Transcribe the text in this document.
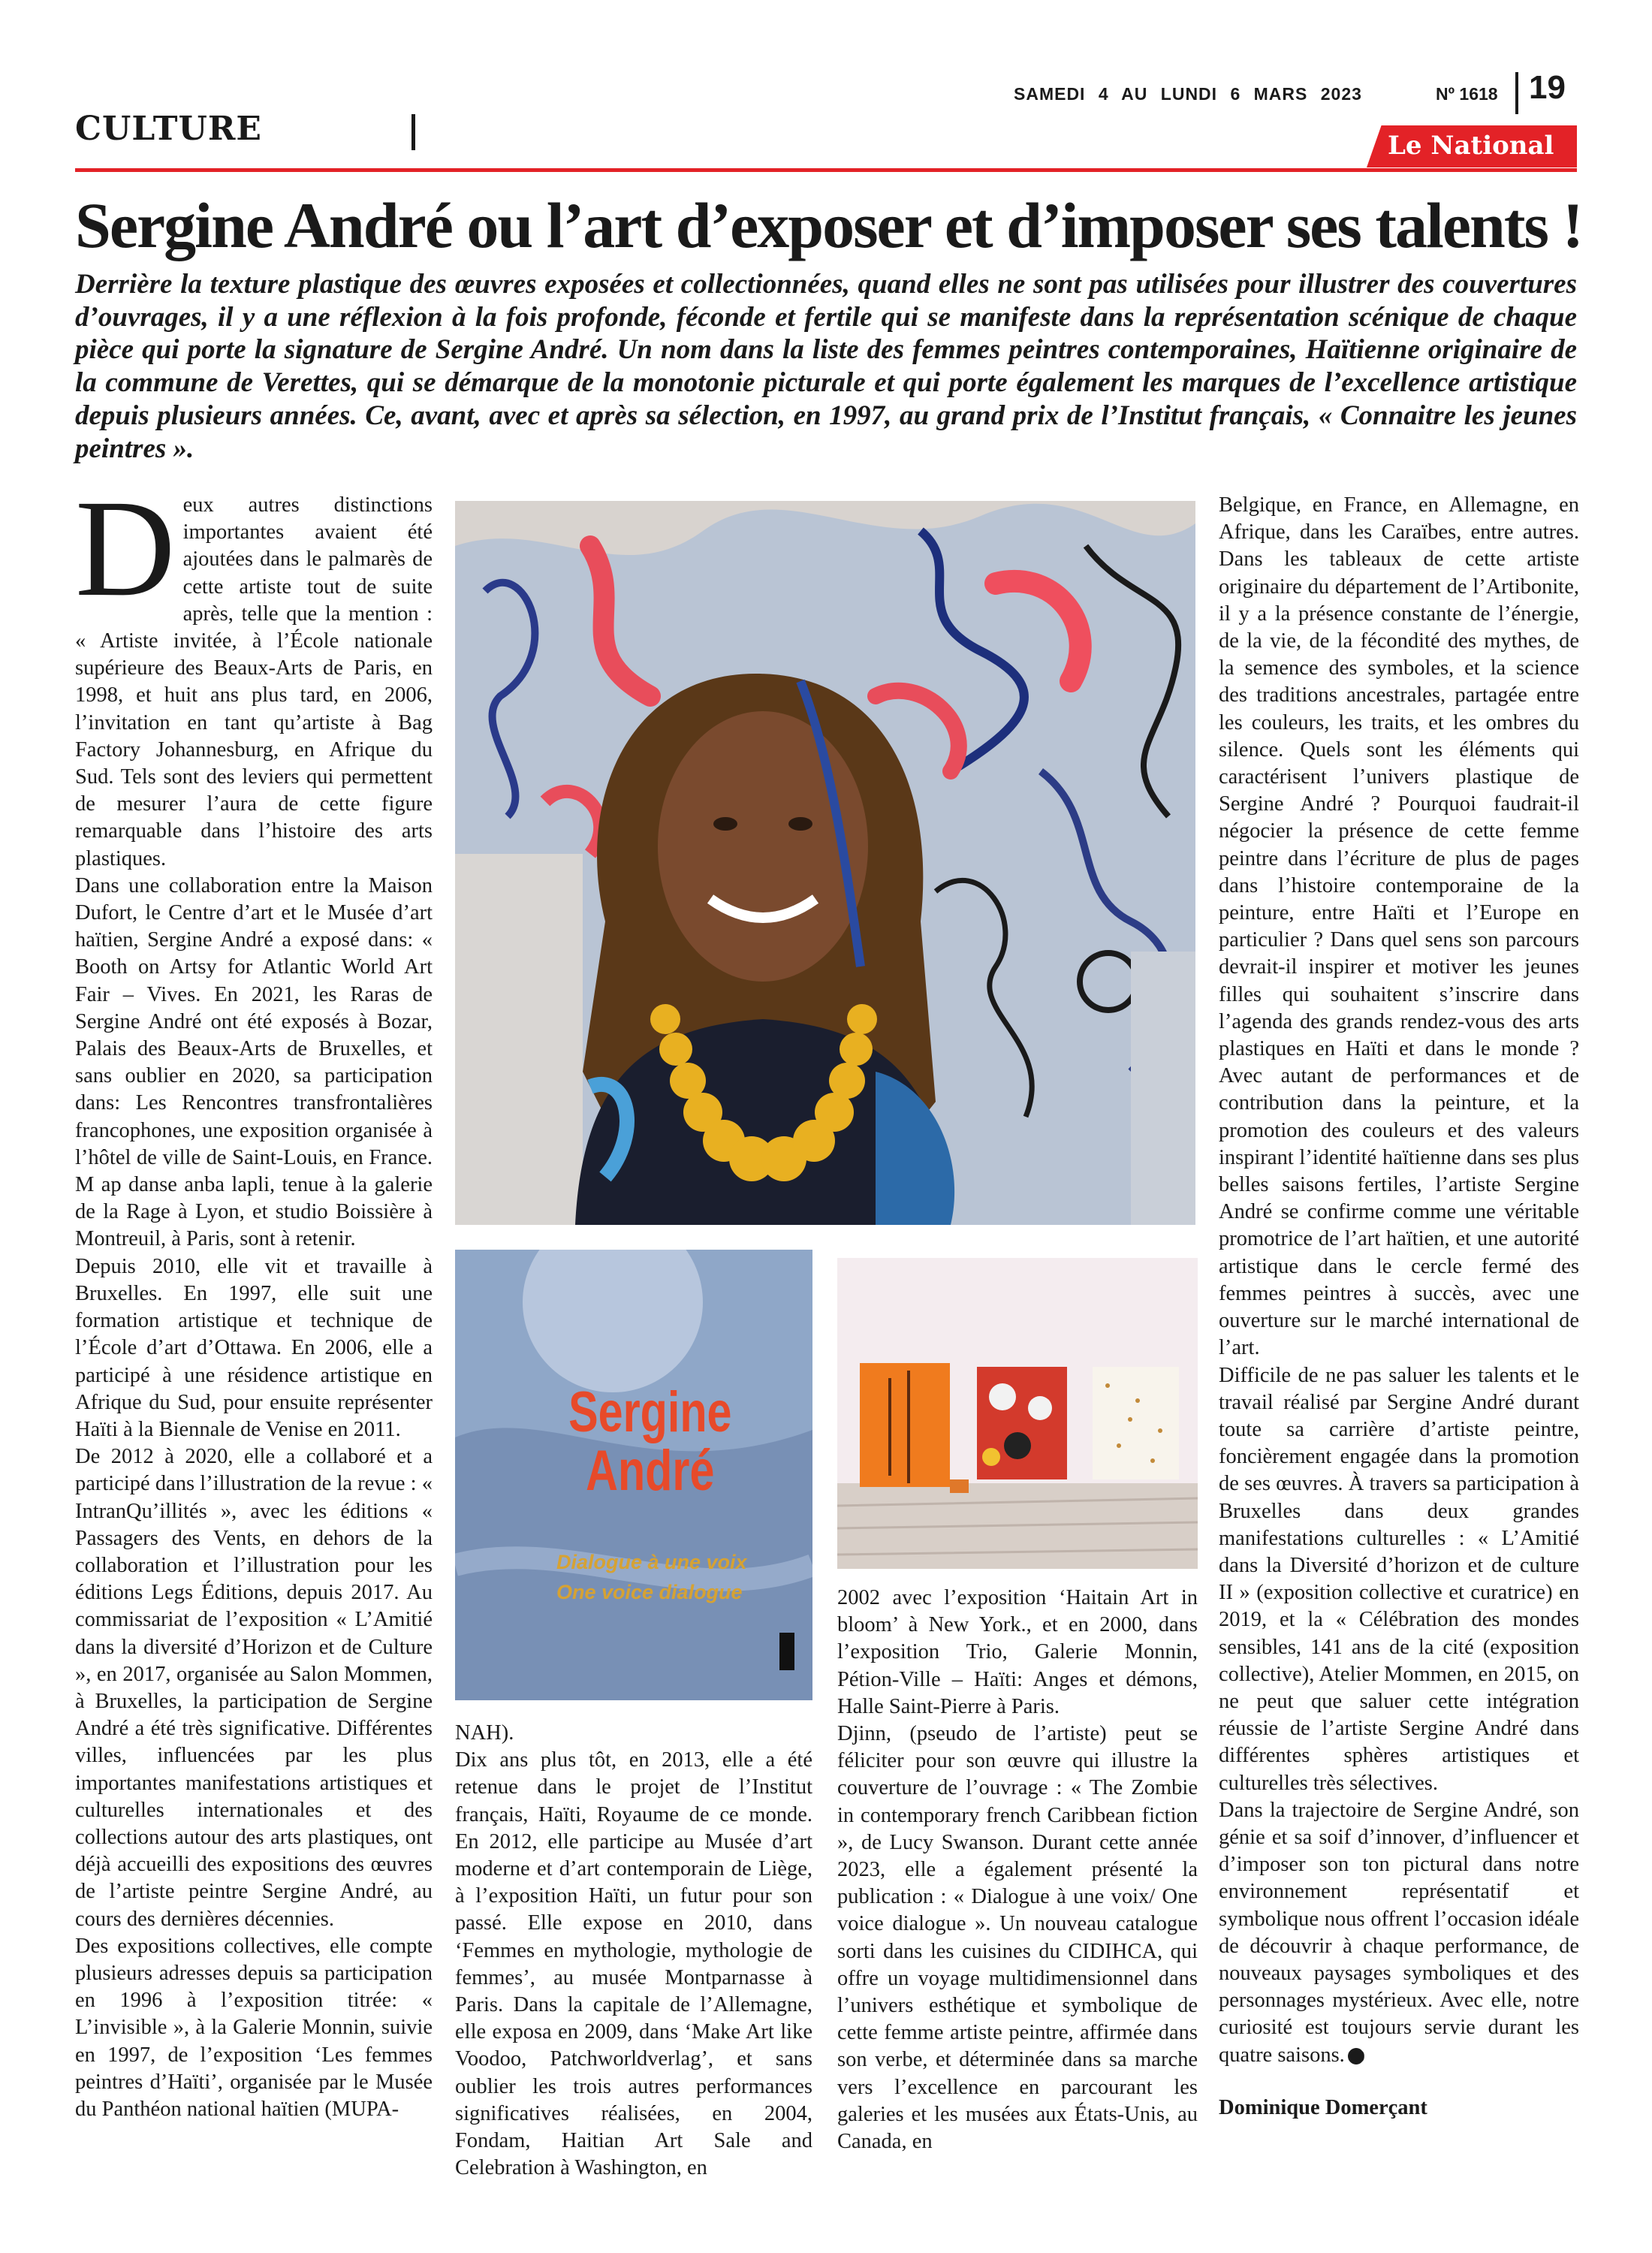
CULTURE
SAMEDI 4 AU LUNDI 6 MARS 2023	Nº 1618 19
Le National
Sergine André ou l’art d’exposer et d’imposer ses talents !
Derrière la texture plastique des œuvres exposées et collectionnées, quand elles ne sont pas utilisées pour illustrer des couvertures d’ouvrages, il y a une réflexion à la fois profonde, féconde et fertile qui se manifeste dans la représentation scénique de chaque pièce qui porte la signature de Sergine André. Un nom dans la liste des femmes peintres contemporaines, Haïtienne originaire de la commune de Verettes, qui se démarque de la monotonie picturale et qui porte également les marques de l’excellence artistique depuis plusieurs années. Ce, avant, avec et après sa sélection, en 1997, au grand prix de l’Institut français, « Connaitre les jeunes peintres ».

D eux autres distinctions importantes avaient été ajoutées dans le palmarès de cette artiste tout de suite après, telle que la mention : « Artiste invitée, à l’École nationale supérieure des Beaux-Arts de Paris, en 1998, et huit ans plus tard, en 2006, l’invitation en tant qu’artiste à Bag Factory Johannesburg, en Afrique du Sud. Tels sont des leviers qui permettent de mesurer l’aura de cette figure remarquable dans l’histoire des arts plastiques.

Dans une collaboration entre la Maison Dufort, le Centre d’art et le Musée d’art haïtien, Sergine André a exposé dans: « Booth on Artsy for Atlantic World Art Fair – Vives. En 2021, les Raras de Sergine André ont été exposés à Bozar, Palais des Beaux-Arts de Bruxelles, et sans oublier en 2020, sa participation dans: Les Rencontres transfrontalières francophones, une exposition organisée à l’hôtel de ville de Saint-Louis, en France. M ap danse anba lapli, tenue à la galerie de la Rage à Lyon, et studio Boissière à Montreuil, à Paris, sont à retenir.

Depuis 2010, elle vit et travaille à Bruxelles. En 1997, elle suit une formation artistique et technique de l’École d’art d’Ottawa. En 2006, elle a participé à une résidence artistique en Afrique du Sud, pour ensuite représenter Haïti à la Biennale de Venise en 2011.

De 2012 à 2020, elle a collaboré et a participé dans l’illustration de la revue : « IntranQu’illités », avec les éditions « Passagers des Vents, en dehors de la collaboration et l’illustration pour les éditions Legs Éditions, depuis 2017. Au commissariat de l’exposition « L’Amitié dans la diversité d’Horizon et de Culture », en 2017, organisée au Salon Mommen, à Bruxelles, la participation de Sergine André a été très significative. Différentes villes, influencées par les plus importantes manifestations artistiques et culturelles internationales et des collections autour des arts plastiques, ont déjà accueilli des expositions des œuvres de l’artiste peintre Sergine André, au cours des dernières décennies.

Des expositions collectives, elle compte plusieurs adresses depuis sa participation en 1996 à l’exposition titrée: « L’invisible », à la Galerie Monnin, suivie en 1997, de l’exposition ‘Les femmes peintres d’Haïti’, organisée par le Musée du Panthéon national haïtien (MUPA-

Sergine
André
Dialogue à une voix
One voice dialogue

NAH).

Dix ans plus tôt, en 2013, elle a été retenue dans le projet de l’Institut français, Haïti, Royaume de ce monde. En 2012, elle participe au Musée d’art moderne et d’art contemporain de Liège, à l’exposition Haïti, un futur pour son passé. Elle expose en 2010, dans ‘Femmes en mythologie, mythologie de femmes’, au musée Montparnasse à Paris. Dans la capitale de l’Allemagne, elle exposa en 2009, dans ‘Make Art like Voodoo, Patchworldverlag’, et sans oublier les trois autres performances significatives réalisées, en 2004, Fondam, Haitian Art Sale and Celebration à Washington, en

2002 avec l’exposition ‘Haitain Art in bloom’ à New York., et en 2000, dans l’exposition Trio, Galerie Monnin, Pétion-Ville – Haïti: Anges et démons, Halle Saint-Pierre à Paris.

Djinn, (pseudo de l’artiste) peut se féliciter pour son œuvre qui illustre la couverture de l’ouvrage : « The Zombie in contemporary french Caribbean fiction », de Lucy Swanson. Durant cette année 2023, elle a également présenté la publication : « Dialogue à une voix/ One voice dialogue ». Un nouveau catalogue sorti dans les cuisines du CIDIHCA, qui offre un voyage multidimensionnel dans l’univers esthétique et symbolique de cette femme artiste peintre, affirmée dans son verbe, et déterminée dans sa marche vers l’excellence en parcourant les galeries et les musées aux États-Unis, au Canada, en

Belgique, en France, en Allemagne, en Afrique, dans les Caraïbes, entre autres. Dans les tableaux de cette artiste originaire du département de l’Artibonite, il y a la présence constante de l’énergie, de la vie, de la fécondité des mythes, de la semence des symboles, et la science des traditions ancestrales, partagée entre les couleurs, les traits, et les ombres du silence. Quels sont les éléments qui caractérisent l’univers plastique de Sergine André ? Pourquoi faudrait-il négocier la présence de cette femme peintre dans l’écriture de plus de pages dans l’histoire contemporaine de la peinture, entre Haïti et l’Europe en particulier ? Dans quel sens son parcours devrait-il inspirer et motiver les jeunes filles qui souhaitent s’inscrire dans l’agenda des grands rendez-vous des arts plastiques en Haïti et dans le monde ? Avec autant de performances et de contribution dans la peinture, et la promotion des couleurs et des valeurs inspirant l’identité haïtienne dans ses plus belles saisons fertiles, l’artiste Sergine André se confirme comme une véritable promotrice de l’art haïtien, et une autorité artistique dans le cercle fermé des femmes peintres à succès, avec une ouverture sur le marché international de l’art.

Difficile de ne pas saluer les talents et le travail réalisé par Sergine André durant toute sa carrière d’artiste peintre, foncièrement engagée dans la promotion de ses œuvres. À travers sa participation à Bruxelles dans deux grandes manifestations culturelles : « L’Amitié dans la Diversité d’horizon et de culture II » (exposition collective et curatrice) en 2019, et la « Célébration des mondes sensibles, 141 ans de la cité (exposition collective), Atelier Mommen, en 2015, on ne peut que saluer cette intégration réussie de l’artiste Sergine André dans différentes sphères artistiques et culturelles très sélectives.

Dans la trajectoire de Sergine André, son génie et sa soif d’innover, d’influencer et d’imposer son ton pictural dans notre environnement représentatif et symbolique nous offrent l’occasion idéale de découvrir à chaque performance, de nouveaux paysages symboliques et des personnages mystérieux. Avec elle, notre curiosité est toujours servie durant les quatre saisons.

Dominique Domerçant
